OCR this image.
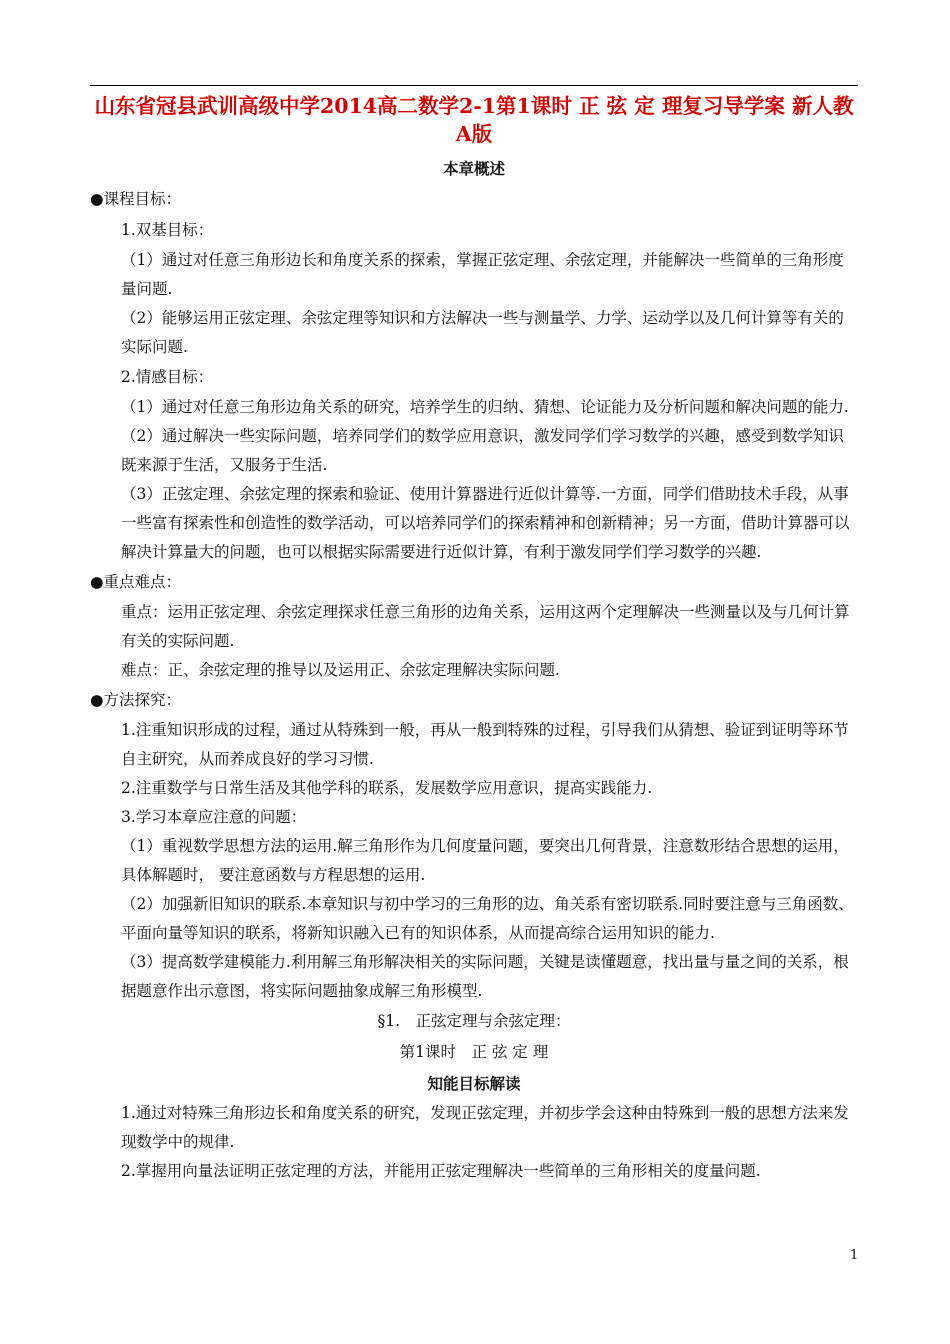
山东省冠县武训高级中学2014高二数学2-1第1课时 正 弦 定 理复习导学案 新人教A版
本章概述
●课程目标：
1.双基目标：
（1）通过对任意三角形边长和角度关系的探索，掌握正弦定理、余弦定理，并能解决一些简单的三角形度量问题.
（2）能够运用正弦定理、余弦定理等知识和方法解决一些与测量学、力学、运动学以及几何计算等有关的实际问题.
2.情感目标：
（1）通过对任意三角形边角关系的研究，培养学生的归纳、猜想、论证能力及分析问题和解决问题的能力.
（2）通过解决一些实际问题，培养同学们的数学应用意识，激发同学们学习数学的兴趣，感受到数学知识既来源于生活，又服务于生活.
（3）正弦定理、余弦定理的探索和验证、使用计算器进行近似计算等.一方面，同学们借助技术手段，从事一些富有探索性和创造性的数学活动，可以培养同学们的探索精神和创新精神；另一方面，借助计算器可以解决计算量大的问题，也可以根据实际需要进行近似计算，有利于激发同学们学习数学的兴趣.
●重点难点：
重点：运用正弦定理、余弦定理探求任意三角形的边角关系，运用这两个定理解决一些测量以及与几何计算有关的实际问题.
难点：正、余弦定理的推导以及运用正、余弦定理解决实际问题.
●方法探究：
1.注重知识形成的过程，通过从特殊到一般，再从一般到特殊的过程，引导我们从猜想、验证到证明等环节自主研究，从而养成良好的学习习惯.
2.注重数学与日常生活及其他学科的联系，发展数学应用意识，提高实践能力.
3.学习本章应注意的问题：
（1）重视数学思想方法的运用.解三角形作为几何度量问题，要突出几何背景，注意数形结合思想的运用，具体解题时， 要注意函数与方程思想的运用.
（2）加强新旧知识的联系.本章知识与初中学习的三角形的边、角关系有密切联系.同时要注意与三角函数、平面向量等知识的联系，将新知识融入已有的知识体系，从而提高综合运用知识的能力.
（3）提高数学建模能力.利用解三角形解决相关的实际问题，关键是读懂题意，找出量与量之间的关系，根据题意作出示意图，将实际问题抽象成解三角形模型.
§1.　正弦定理与余弦定理：
第1课时　正 弦 定 理
知能目标解读
1.通过对特殊三角形边长和角度关系的研究，发现正弦定理，并初步学会这种由特殊到一般的思想方法来发现数学中的规律.
2.掌握用向量法证明正弦定理的方法，并能用正弦定理解决一些简单的三角形相关的度量问题.
1
